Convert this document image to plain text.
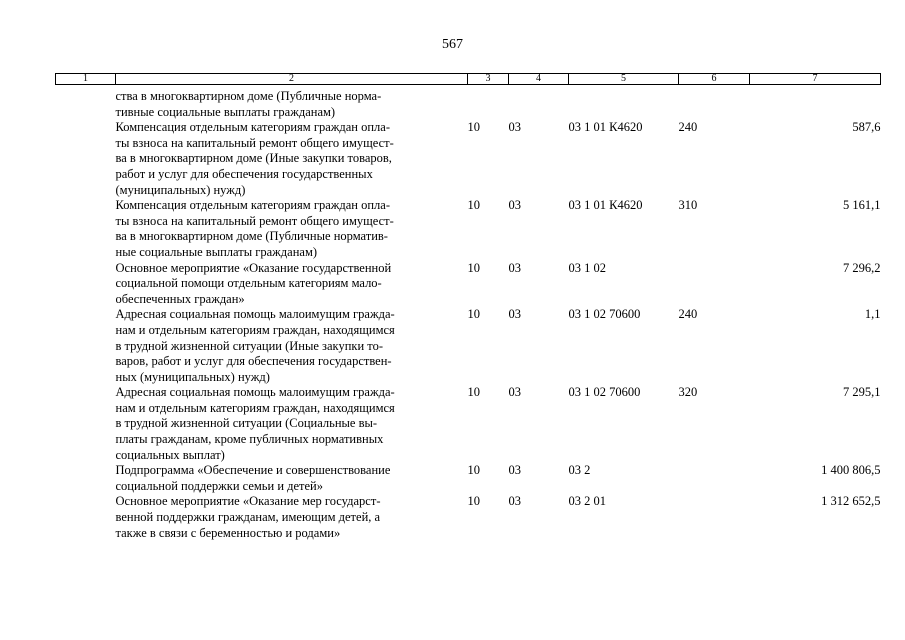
567
1	2	3	4	5	6	7
	ства в многоквартирном доме (Публичные норма-
тивные социальные выплаты гражданам)					
	Компенсация отдельным категориям граждан опла-
ты взноса на капитальный ремонт общего имущест-
ва в многоквартирном доме (Иные закупки товаров,
работ и услуг для обеспечения государственных
(муниципальных) нужд)	10	03	03 1 01 К4620	240	587,6
	Компенсация отдельным категориям граждан опла-
ты взноса на капитальный ремонт общего имущест-
ва в многоквартирном доме (Публичные норматив-
ные социальные выплаты гражданам)	10	03	03 1 01 К4620	310	5 161,1
	Основное мероприятие «Оказание государственной
социальной помощи отдельным категориям мало-
обеспеченных граждан»	10	03	03 1 02		7 296,2
	Адресная социальная помощь малоимущим гражда-
нам и отдельным категориям граждан, находящимся
в трудной жизненной ситуации (Иные закупки то-
варов, работ и услуг для обеспечения государствен-
ных (муниципальных) нужд)	10	03	03 1 02 70600	240	1,1
	Адресная социальная помощь малоимущим гражда-
нам и отдельным категориям граждан, находящимся
в трудной жизненной ситуации (Социальные вы-
платы гражданам, кроме публичных нормативных
социальных выплат)	10	03	03 1 02 70600	320	7 295,1
	Подпрограмма «Обеспечение и совершенствование
социальной поддержки семьи и детей»	10	03	03 2		1 400 806,5
	Основное мероприятие «Оказание мер государст-
венной поддержки гражданам, имеющим детей, а
также в связи с беременностью и родами»	10	03	03 2 01		1 312 652,5
